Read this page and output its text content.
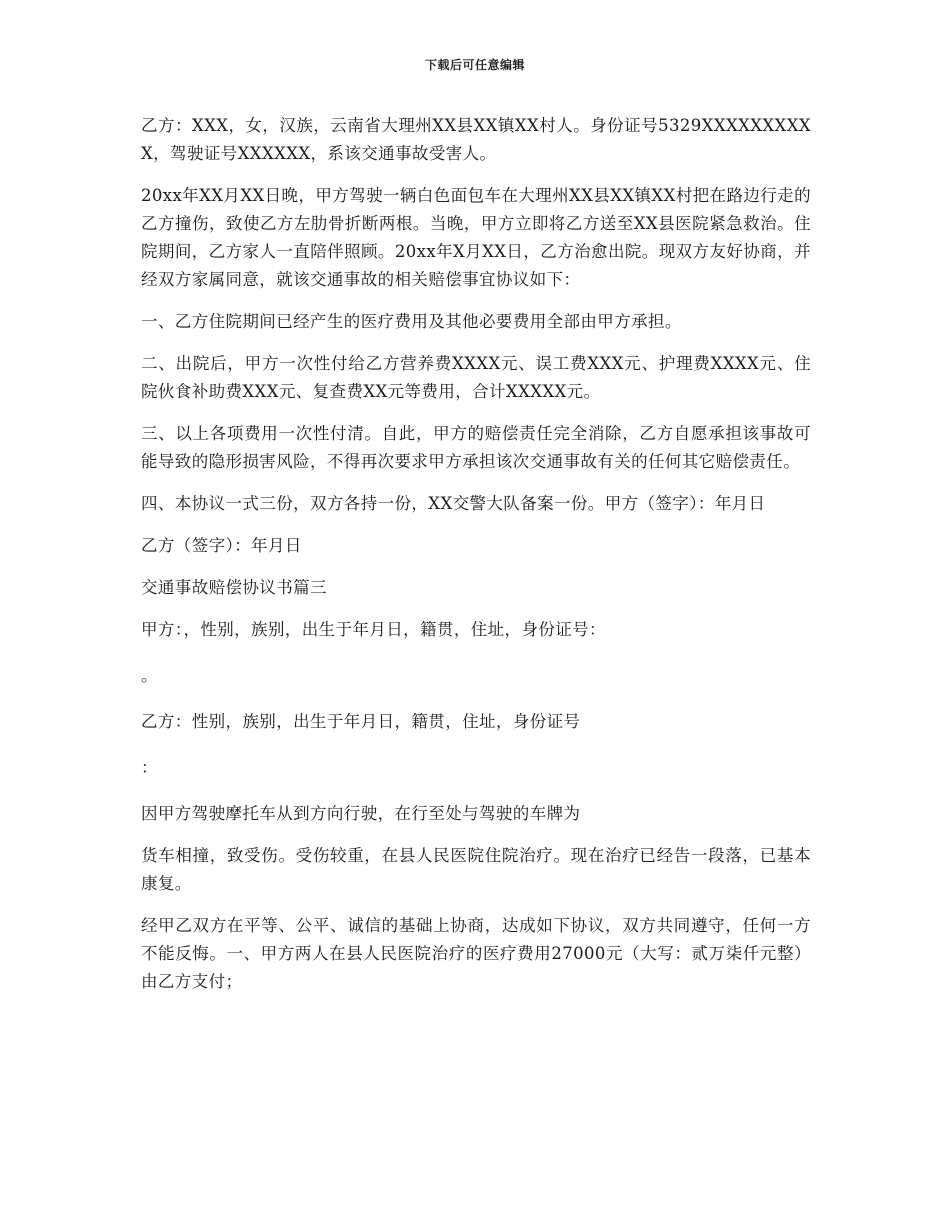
下载后可任意编辑

乙方：XXX，女，汉族，云南省大理州XX县XX镇XX村人。身份证号5329XXXXXXXXXX，驾驶证号XXXXXX，系该交通事故受害人。

20xx年XX月XX日晚，甲方驾驶一辆白色面包车在大理州XX县XX镇XX村把在路边行走的乙方撞伤，致使乙方左肋骨折断两根。当晚，甲方立即将乙方送至XX县医院紧急救治。住院期间，乙方家人一直陪伴照顾。20xx年X月XX日，乙方治愈出院。现双方友好协商，并经双方家属同意，就该交通事故的相关赔偿事宜协议如下：

一、乙方住院期间已经产生的医疗费用及其他必要费用全部由甲方承担。

二、出院后，甲方一次性付给乙方营养费XXXX元、误工费XXX元、护理费XXXX元、住院伙食补助费XXX元、复查费XX元等费用，合计XXXXX元。

三、以上各项费用一次性付清。自此，甲方的赔偿责任完全消除，乙方自愿承担该事故可能导致的隐形损害风险，不得再次要求甲方承担该次交通事故有关的任何其它赔偿责任。

四、本协议一式三份，双方各持一份，XX交警大队备案一份。甲方（签字）：年月日

乙方（签字）：年月日

交通事故赔偿协议书篇三

甲方：，性别，族别，出生于年月日，籍贯，住址，身份证号：

。

乙方：性别，族别，出生于年月日，籍贯，住址，身份证号

：

因甲方驾驶摩托车从到方向行驶，在行至处与驾驶的车牌为

货车相撞，致受伤。受伤较重，在县人民医院住院治疗。现在治疗已经告一段落，已基本康复。

经甲乙双方在平等、公平、诚信的基础上协商，达成如下协议，双方共同遵守，任何一方不能反悔。一、甲方两人在县人民医院治疗的医疗费用27000元（大写：贰万柒仟元整）由乙方支付；
